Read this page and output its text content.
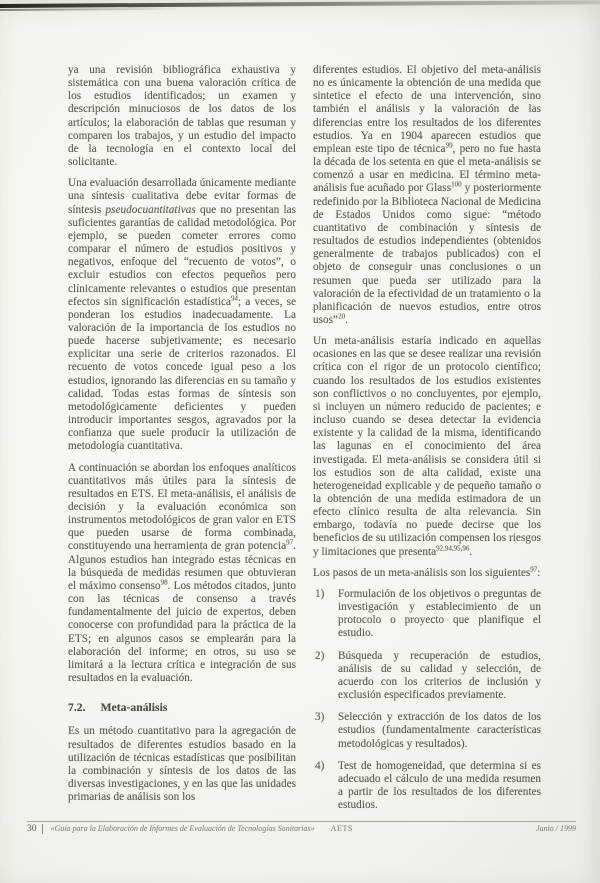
ya una revisión bibliográfica exhaustiva y sistemática con una buena valoración crítica de los estudios identificados; un examen y descripción minuciosos de los datos de los artículos; la elaboración de tablas que resuman y comparen los trabajos, y un estudio del impacto de la tecnología en el contexto local del solicitante.

Una evaluación desarrollada únicamente mediante una síntesis cualitativa debe evitar formas de síntesis pseudocuantitativas que no presentan las suficientes garantías de calidad metodológica. Por ejemplo, se pueden cometer errores como comparar el número de estudios positivos y negativos, enfoque del “recuento de votos”, o excluir estudios con efectos pequeños pero clínicamente relevantes o estudios que presentan efectos sin significación estadística$^{94}$; a veces, se ponderan los estudios inadecuadamente. La valoración de la importancia de los estudios no puede hacerse subjetivamente; es necesario explicitar una serie de criterios razonados. El recuento de votos concede igual peso a los estudios, ignorando las diferencias en su tamaño y calidad. Todas estas formas de síntesis son metodológicamente deficientes y pueden introducir importantes sesgos, agravados por la confianza que suele producir la utilización de metodología cuantitativa.

A continuación se abordan los enfoques analíticos cuantitativos más útiles para la síntesis de resultados en ETS. El meta-análisis, el análisis de decisión y la evaluación económica son instrumentos metodológicos de gran valor en ETS que pueden usarse de forma combinada, constituyendo una herramienta de gran potencia$^{97}$. Algunos estudios han integrado estas técnicas en la búsqueda de medidas resumen que obtuvieran el máximo consenso$^{98}$. Los métodos citados, junto con las técnicas de consenso a través fundamentalmente del juicio de expertos, deben conocerse con profundidad para la práctica de la ETS; en algunos casos se emplearán para la elaboración del informe; en otros, su uso se limitará a la lectura crítica e integración de sus resultados en la evaluación.

7.2. Meta-análisis

Es un método cuantitativo para la agregación de resultados de diferentes estudios basado en la utilización de técnicas estadísticas que posibilitan la combinación y síntesis de los datos de las diversas investigaciones, y en las que las unidades primarias de análisis son los

diferentes estudios. El objetivo del meta-análisis no es únicamente la obtención de una medida que sintetice el efecto de una intervención, sino también el análisis y la valoración de las diferencias entre los resultados de los diferentes estudios. Ya en 1904 aparecen estudios que emplean este tipo de técnica$^{99}$, pero no fue hasta la década de los setenta en que el meta-análisis se comenzó a usar en medicina. El término meta-análisis fue acuñado por Glass$^{100}$ y posteriormente redefinido por la Biblioteca Nacional de Medicina de Estados Unidos como sigue: “método cuantitativo de combinación y síntesis de resultados de estudios independientes (obtenidos generalmente de trabajos publicados) con el objeto de conseguir unas conclusiones o un resumen que pueda ser utilizado para la valoración de la efectividad de un tratamiento o la planificación de nuevos estudios, entre otros usos”$^{20}$.

Un meta-análisis estaría indicado en aquellas ocasiones en las que se desee realizar una revisión crítica con el rigor de un protocolo científico; cuando los resultados de los estudios existentes son conflictivos o no concluyentes, por ejemplo, si incluyen un número reducido de pacientes; e incluso cuando se desea detectar la evidencia existente y la calidad de la misma, identificando las lagunas en el conocimiento del área investigada. El meta-análisis se considera útil si los estudios son de alta calidad, existe una heterogeneidad explicable y de pequeño tamaño o la obtención de una medida estimadora de un efecto clínico resulta de alta relevancia. Sin embargo, todavía no puede decirse que los beneficios de su utilización compensen los riesgos y limitaciones que presenta$^{92,94,95,96}$.

Los pasos de un meta-análisis son los siguientes$^{97}$:

1) Formulación de los objetivos o preguntas de investigación y establecimiento de un protocolo o proyecto que planifique el estudio.
2) Búsqueda y recuperación de estudios, análisis de su calidad y selección, de acuerdo con los criterios de inclusión y exclusión especificados previamente.
3) Selección y extracción de los datos de los estudios (fundamentalmente características metodológicas y resultados).
4) Test de homogeneidad, que determina si es adecuado el cálculo de una medida resumen a partir de los resultados de los diferentes estudios.
30	«Guía para la Elaboración de Informes de Evaluación de Tecnologías Sanitarias» AETS	Junio / 1999
